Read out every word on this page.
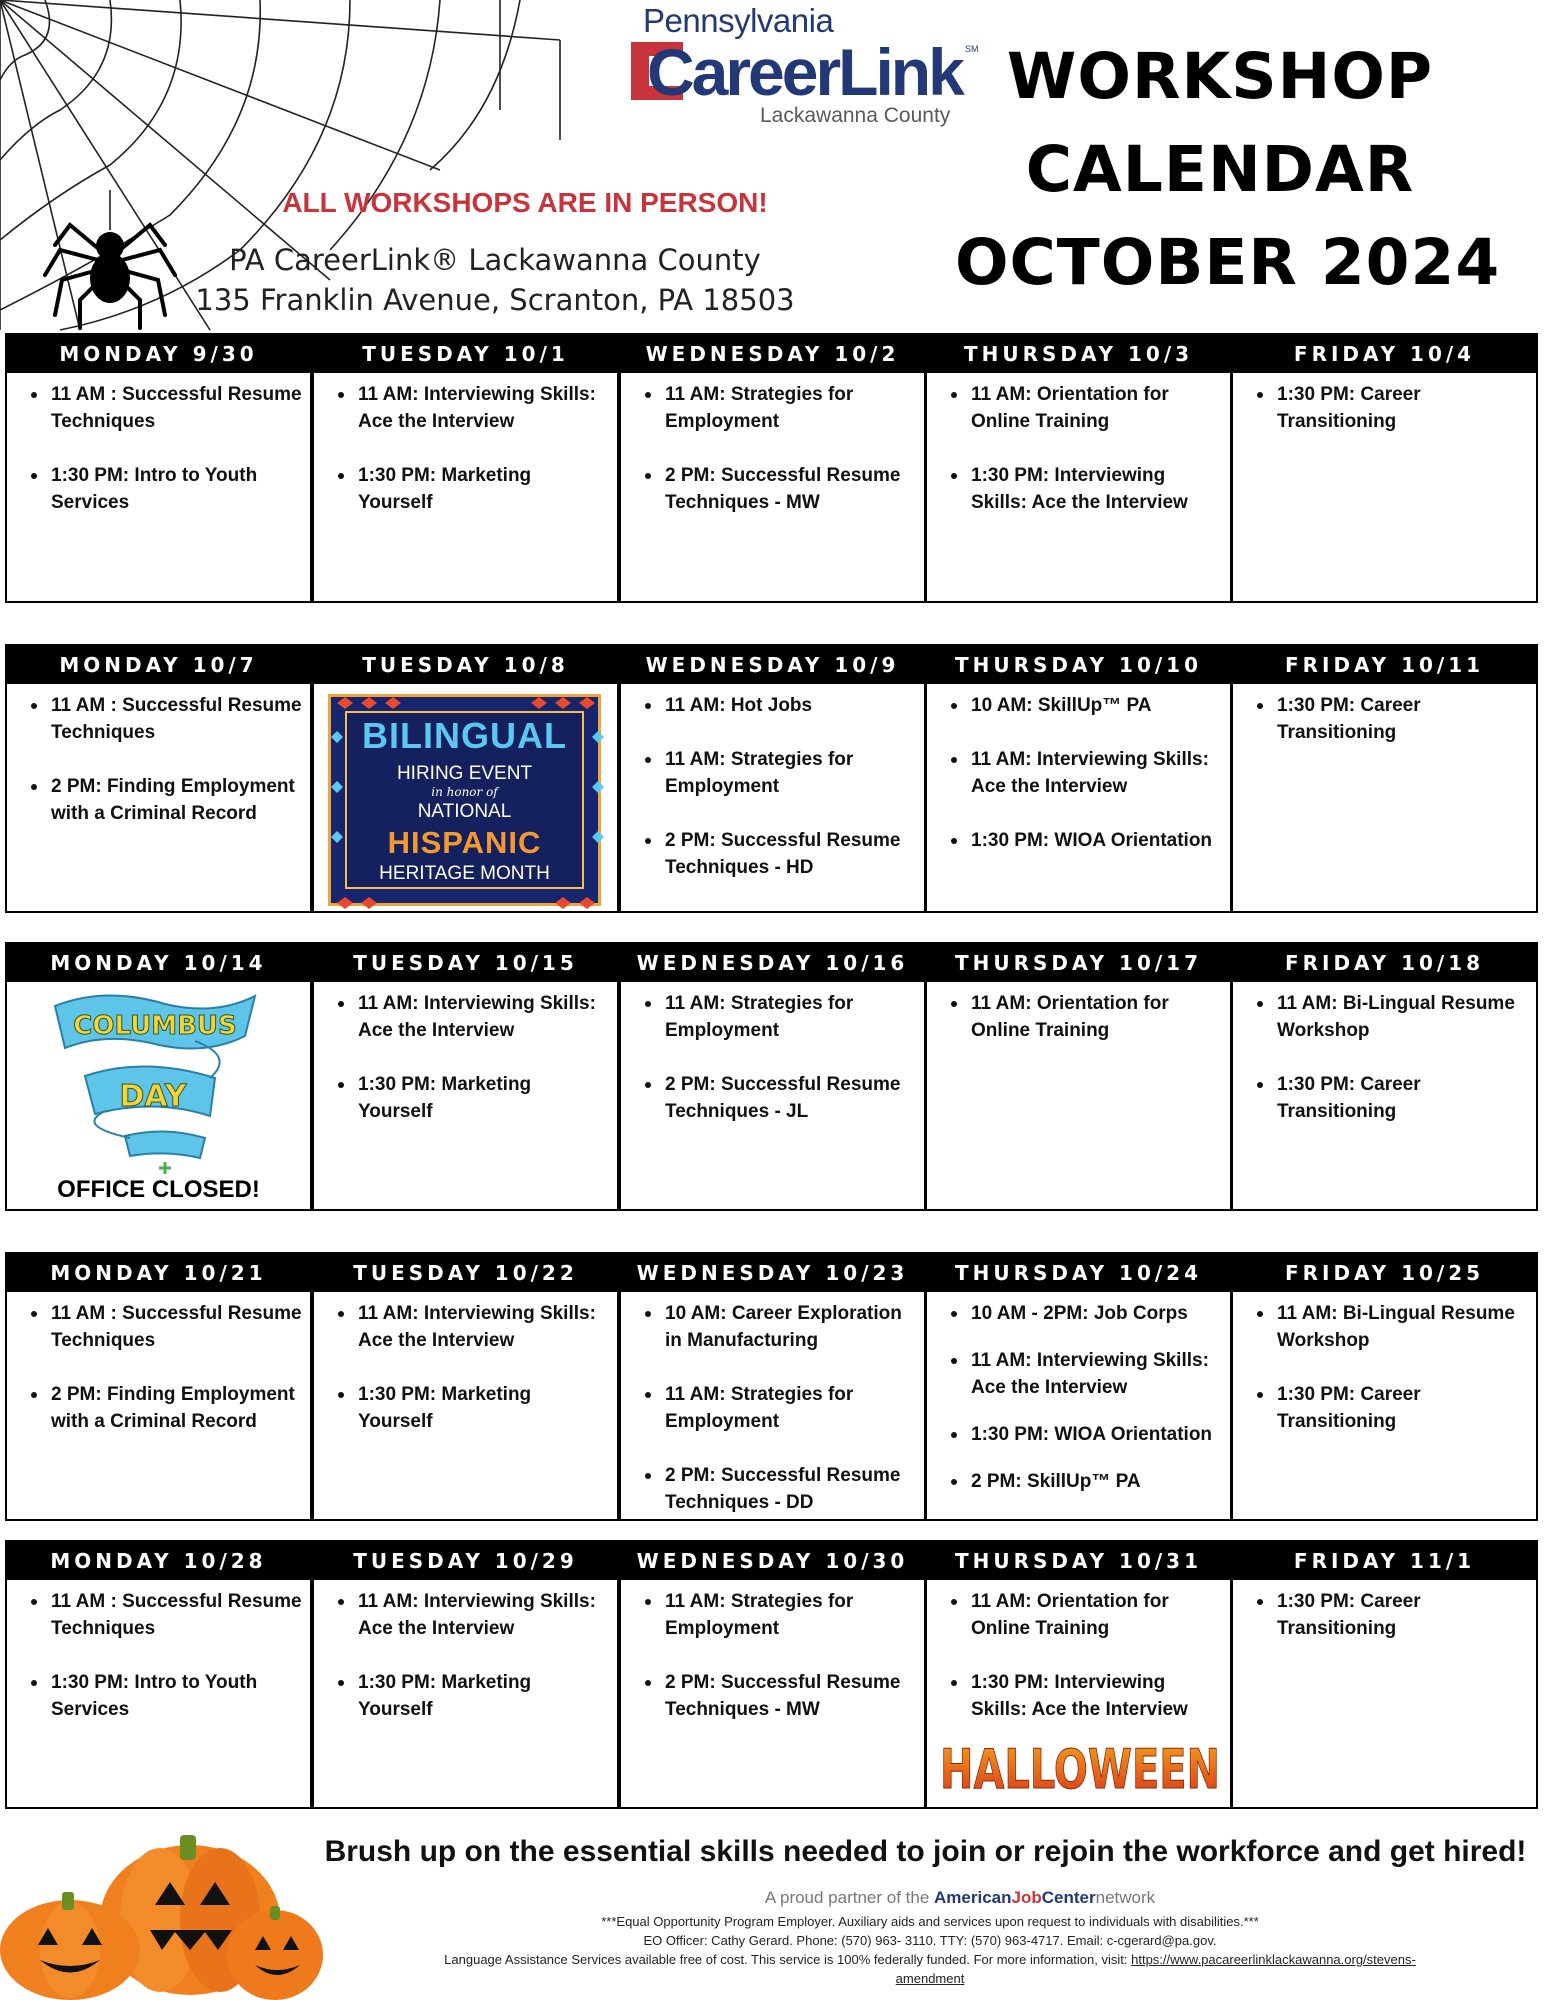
Pennsylvania
CareerLink SM
Lackawanna County
WORKSHOP
CALENDAR
OCTOBER 2024
ALL WORKSHOPS ARE IN PERSON!
PA CareerLink® Lackawanna County
135 Franklin Avenue, Scranton, PA 18503
MONDAY 9/30
11 AM : Successful Resume Techniques
1:30 PM: Intro to Youth Services
TUESDAY 10/1
11 AM: Interviewing Skills: Ace the Interview
1:30 PM: Marketing Yourself
WEDNESDAY 10/2
11 AM: Strategies for Employment
2 PM: Successful Resume Techniques - MW
THURSDAY 10/3
11 AM: Orientation for Online Training
1:30 PM: Interviewing Skills: Ace the Interview
FRIDAY 10/4
1:30 PM: Career Transitioning
MONDAY 10/7
11 AM : Successful Resume Techniques
2 PM: Finding Employment with a Criminal Record
TUESDAY 10/8
BILINGUAL
HIRING EVENT
in honor of
NATIONAL
HISPANIC
HERITAGE MONTH
WEDNESDAY 10/9
11 AM: Hot Jobs
11 AM: Strategies for Employment
2 PM: Successful Resume Techniques - HD
THURSDAY 10/10
10 AM: SkillUp™ PA
11 AM: Interviewing Skills: Ace the Interview
1:30 PM: WIOA Orientation
FRIDAY 10/11
1:30 PM: Career Transitioning
MONDAY 10/14
COLUMBUS
DAY
OFFICE CLOSED!
TUESDAY 10/15
11 AM: Interviewing Skills: Ace the Interview
1:30 PM: Marketing Yourself
WEDNESDAY 10/16
11 AM: Strategies for Employment
2 PM: Successful Resume Techniques - JL
THURSDAY 10/17
11 AM: Orientation for Online Training
FRIDAY 10/18
11 AM: Bi-Lingual Resume Workshop
1:30 PM: Career Transitioning
MONDAY 10/21
11 AM : Successful Resume Techniques
2 PM: Finding Employment with a Criminal Record
TUESDAY 10/22
11 AM: Interviewing Skills: Ace the Interview
1:30 PM: Marketing Yourself
WEDNESDAY 10/23
10 AM: Career Exploration in Manufacturing
11 AM: Strategies for Employment
2 PM: Successful Resume Techniques - DD
THURSDAY 10/24
10 AM - 2PM: Job Corps
11 AM: Interviewing Skills: Ace the Interview
1:30 PM: WIOA Orientation
2 PM: SkillUp™ PA
FRIDAY 10/25
11 AM: Bi-Lingual Resume Workshop
1:30 PM: Career Transitioning
MONDAY 10/28
11 AM : Successful Resume Techniques
1:30 PM: Intro to Youth Services
TUESDAY 10/29
11 AM: Interviewing Skills: Ace the Interview
1:30 PM: Marketing Yourself
WEDNESDAY 10/30
11 AM: Strategies for Employment
2 PM: Successful Resume Techniques - MW
THURSDAY 10/31
11 AM: Orientation for Online Training
1:30 PM: Interviewing Skills: Ace the Interview
HALLOWEEN
FRIDAY 11/1
1:30 PM: Career Transitioning
Brush up on the essential skills needed to join or rejoin the workforce and get hired!
A proud partner of the AmericanJobCenternetwork
***Equal Opportunity Program Employer. Auxiliary aids and services upon request to individuals with disabilities.***
EO Officer: Cathy Gerard. Phone: (570) 963- 3110. TTY: (570) 963-4717. Email: c-cgerard@pa.gov.
Language Assistance Services available free of cost. This service is 100% federally funded. For more information, visit: https://www.pacareerlinklackawanna.org/stevens-
amendment
